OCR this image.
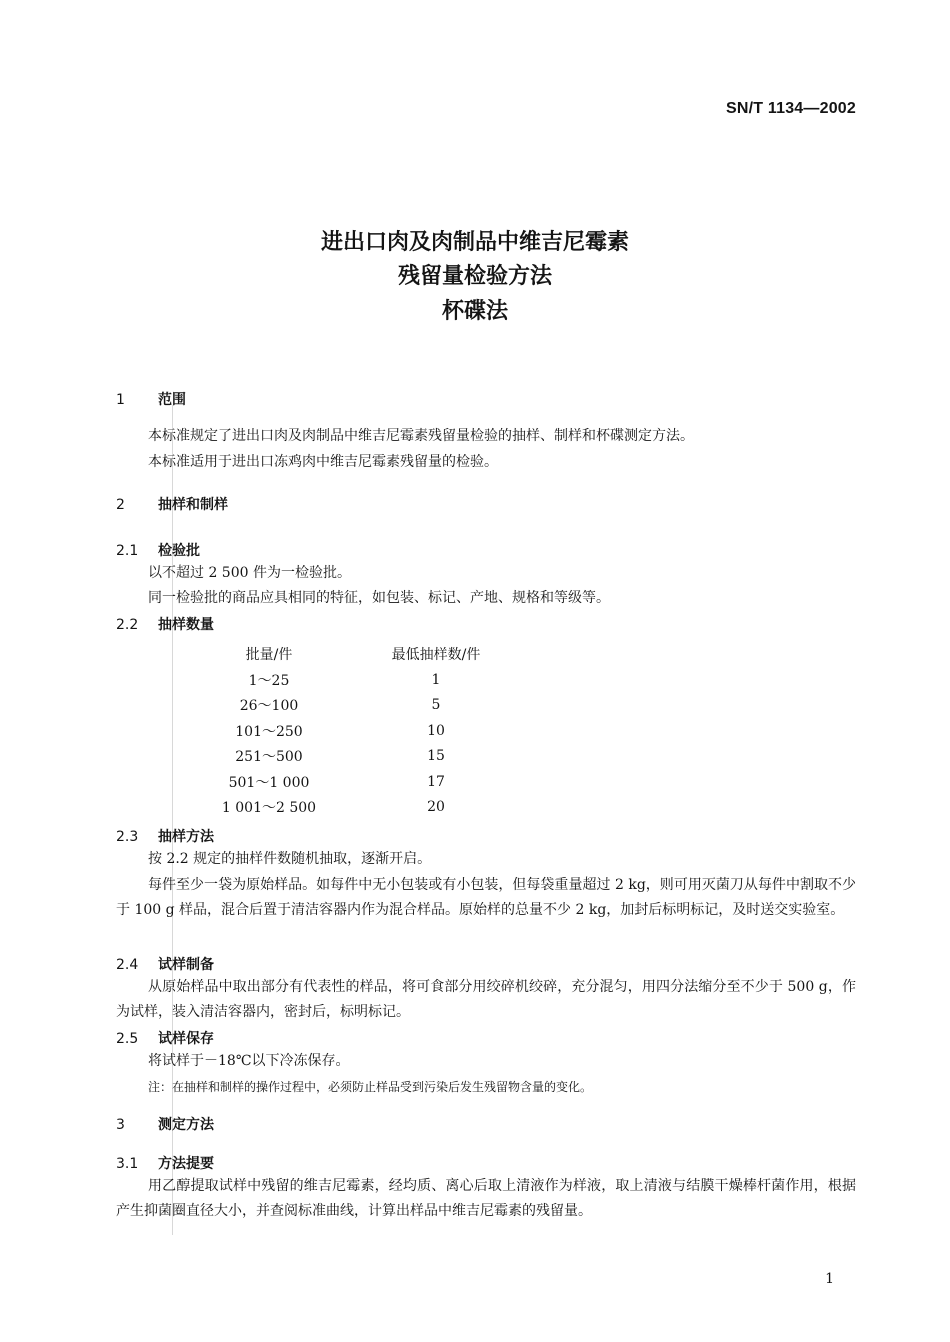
SN/T 1134—2002
进出口肉及肉制品中维吉尼霉素
残留量检验方法
杯碟法
1 范围
本标准规定了进出口肉及肉制品中维吉尼霉素残留量检验的抽样、制样和杯碟测定方法。
本标准适用于进出口冻鸡肉中维吉尼霉素残留量的检验。
2 抽样和制样
2.1 检验批
以不超过 2 500 件为一检验批。
同一检验批的商品应具相同的特征，如包装、标记、产地、规格和等级等。
2.2 抽样数量
批量/件	最低抽样数/件
1～25	1
26～100	5
101～250	10
251～500	15
501～1 000	17
1 001～2 500	20
2.3 抽样方法
按 2.2 规定的抽样件数随机抽取，逐渐开启。
每件至少一袋为原始样品。如每件中无小包装或有小包装，但每袋重量超过 2 kg，则可用灭菌刀从每件中割取不少于 100 g 样品，混合后置于清洁容器内作为混合样品。原始样的总量不少 2 kg，加封后标明标记，及时送交实验室。
2.4 试样制备
从原始样品中取出部分有代表性的样品，将可食部分用绞碎机绞碎，充分混匀，用四分法缩分至不少于 500 g，作为试样，装入清洁容器内，密封后，标明标记。
2.5 试样保存
将试样于－18℃以下冷冻保存。
注：在抽样和制样的操作过程中，必须防止样品受到污染后发生残留物含量的变化。
3 测定方法
3.1 方法提要
用乙醇提取试样中残留的维吉尼霉素，经均质、离心后取上清液作为样液，取上清液与结膜干燥棒杆菌作用，根据产生抑菌圈直径大小，并查阅标准曲线，计算出样品中维吉尼霉素的残留量。
1
